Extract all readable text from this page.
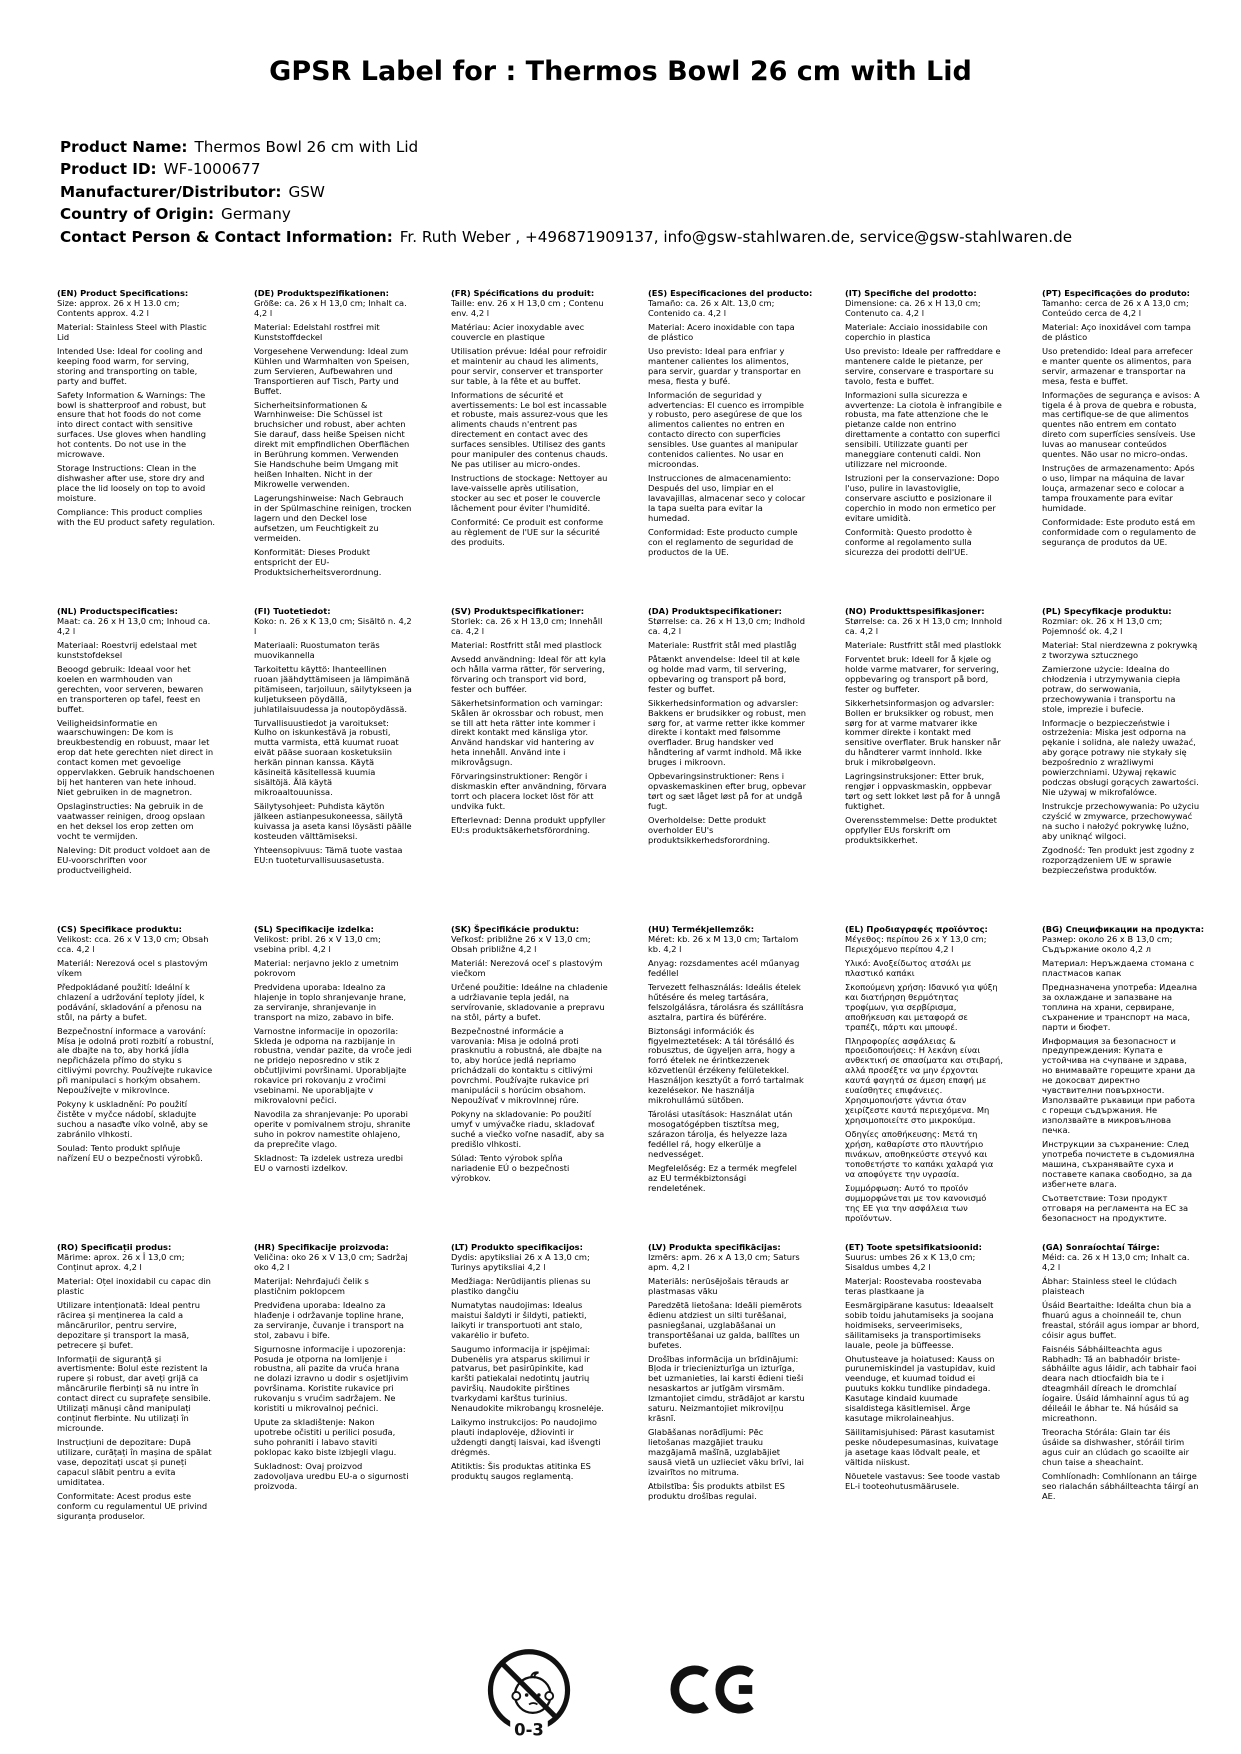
GPSR Label for : Thermos Bowl 26 cm with Lid
Product Name: Thermos Bowl 26 cm with Lid
Product ID: WF-1000677
Manufacturer/Distributor: GSW
Country of Origin: Germany
Contact Person & Contact Information: Fr. Ruth Weber , +496871909137, info@gsw-stahlwaren.de, service@gsw-stahlwaren.de
(EN) Product Specifications:

Size: approx. 26 x H 13.0 cm; Contents approx. 4.2 l

Material: Stainless Steel with Plastic Lid

Intended Use: Ideal for cooling and keeping food warm, for serving, storing and transporting on table, party and buffet.

Safety Information & Warnings: The bowl is shatterproof and robust, but ensure that hot foods do not come into direct contact with sensitive surfaces. Use gloves when handling hot contents. Do not use in the microwave.

Storage Instructions: Clean in the dishwasher after use, store dry and place the lid loosely on top to avoid moisture.

Compliance: This product complies with the EU product safety regulation.

(DE) Produktspezifikationen:

Größe: ca. 26 x H 13,0 cm; Inhalt ca. 4,2 l

Material: Edelstahl rostfrei mit Kunststoffdeckel

Vorgesehene Verwendung: Ideal zum Kühlen und Warmhalten von Speisen, zum Servieren, Aufbewahren und Transportieren auf Tisch, Party und Buffet.

Sicherheitsinformationen & Warnhinweise: Die Schüssel ist bruchsicher und robust, aber achten Sie darauf, dass heiße Speisen nicht direkt mit empfindlichen Oberflächen in Berührung kommen. Verwenden Sie Handschuhe beim Umgang mit heißen Inhalten. Nicht in der Mikrowelle verwenden.

Lagerungshinweise: Nach Gebrauch in der Spülmaschine reinigen, trocken lagern und den Deckel lose aufsetzen, um Feuchtigkeit zu vermeiden.

Konformität: Dieses Produkt entspricht der EU-Produktsicherheitsverordnung.

(FR) Spécifications du produit:

Taille: env. 26 x H 13,0 cm ; Contenu env. 4,2 l

Matériau: Acier inoxydable avec couvercle en plastique

Utilisation prévue: Idéal pour refroidir et maintenir au chaud les aliments, pour servir, conserver et transporter sur table, à la fête et au buffet.

Informations de sécurité et avertissements: Le bol est incassable et robuste, mais assurez-vous que les aliments chauds n'entrent pas directement en contact avec des surfaces sensibles. Utilisez des gants pour manipuler des contenus chauds. Ne pas utiliser au micro-ondes.

Instructions de stockage: Nettoyer au lave-vaisselle après utilisation, stocker au sec et poser le couvercle lâchement pour éviter l'humidité.

Conformité: Ce produit est conforme au règlement de l'UE sur la sécurité des produits.

(ES) Especificaciones del producto:

Tamaño: ca. 26 x Alt. 13,0 cm; Contenido ca. 4,2 l

Material: Acero inoxidable con tapa de plástico

Uso previsto: Ideal para enfriar y mantener calientes los alimentos, para servir, guardar y transportar en mesa, fiesta y bufé.

Información de seguridad y advertencias: El cuenco es irrompible y robusto, pero asegúrese de que los alimentos calientes no entren en contacto directo con superficies sensibles. Use guantes al manipular contenidos calientes. No usar en microondas.

Instrucciones de almacenamiento: Después del uso, limpiar en el lavavajillas, almacenar seco y colocar la tapa suelta para evitar la humedad.

Conformidad: Este producto cumple con el reglamento de seguridad de productos de la UE.

(IT) Specifiche del prodotto:

Dimensione: ca. 26 x H 13,0 cm; Contenuto ca. 4,2 l

Materiale: Acciaio inossidabile con coperchio in plastica

Uso previsto: Ideale per raffreddare e mantenere calde le pietanze, per servire, conservare e trasportare su tavolo, festa e buffet.

Informazioni sulla sicurezza e avvertenze: La ciotola è infrangibile e robusta, ma fate attenzione che le pietanze calde non entrino direttamente a contatto con superfici sensibili. Utilizzate guanti per maneggiare contenuti caldi. Non utilizzare nel microonde.

Istruzioni per la conservazione: Dopo l'uso, pulire in lavastoviglie, conservare asciutto e posizionare il coperchio in modo non ermetico per evitare umidità.

Conformità: Questo prodotto è conforme al regolamento sulla sicurezza dei prodotti dell'UE.

(PT) Especificações do produto:

Tamanho: cerca de 26 x A 13,0 cm; Conteúdo cerca de 4,2 l

Material: Aço inoxidável com tampa de plástico

Uso pretendido: Ideal para arrefecer e manter quente os alimentos, para servir, armazenar e transportar na mesa, festa e buffet.

Informações de segurança e avisos: A tigela é à prova de quebra e robusta, mas certifique-se de que alimentos quentes não entrem em contato direto com superfícies sensíveis. Use luvas ao manusear conteúdos quentes. Não usar no micro-ondas.

Instruções de armazenamento: Após o uso, limpar na máquina de lavar louça, armazenar seco e colocar a tampa frouxamente para evitar humidade.

Conformidade: Este produto está em conformidade com o regulamento de segurança de produtos da UE.

(NL) Productspecificaties:

Maat: ca. 26 x H 13,0 cm; Inhoud ca. 4,2 l

Materiaal: Roestvrij edelstaal met kunststofdeksel

Beoogd gebruik: Ideaal voor het koelen en warmhouden van gerechten, voor serveren, bewaren en transporteren op tafel, feest en buffet.

Veiligheidsinformatie en waarschuwingen: De kom is breukbestendig en robuust, maar let erop dat hete gerechten niet direct in contact komen met gevoelige oppervlakken. Gebruik handschoenen bij het hanteren van hete inhoud. Niet gebruiken in de magnetron.

Opslaginstructies: Na gebruik in de vaatwasser reinigen, droog opslaan en het deksel los erop zetten om vocht te vermijden.

Naleving: Dit product voldoet aan de EU-voorschriften voor productveiligheid.

(FI) Tuotetiedot:

Koko: n. 26 x K 13,0 cm; Sisältö n. 4,2 l

Materiaali: Ruostumaton teräs muovikannella

Tarkoitettu käyttö: Ihanteellinen ruoan jäähdyttämiseen ja lämpimänä pitämiseen, tarjoiluun, säilytykseen ja kuljetukseen pöydällä, juhlatilaisuudessa ja noutopöydässä.

Turvallisuustiedot ja varoitukset: Kulho on iskunkestävä ja robusti, mutta varmista, että kuumat ruoat eivät pääse suoraan kosketuksiin herkän pinnan kanssa. Käytä käsineitä käsitellessä kuumia sisältöjä. Älä käytä mikroaaltouunissa.

Säilytysohjeet: Puhdista käytön jälkeen astianpesukoneessa, säilytä kuivassa ja aseta kansi löysästi päälle kosteuden välttämiseksi.

Yhteensopivuus: Tämä tuote vastaa EU:n tuoteturvallisuusasetusta.

(SV) Produktspecifikationer:

Storlek: ca. 26 x H 13,0 cm; Innehåll ca. 4,2 l

Material: Rostfritt stål med plastlock

Avsedd användning: Ideal för att kyla och hålla varma rätter, för servering, förvaring och transport vid bord, fester och bufféer.

Säkerhetsinformation och varningar: Skålen är okrossbar och robust, men se till att heta rätter inte kommer i direkt kontakt med känsliga ytor. Använd handskar vid hantering av heta innehåll. Använd inte i mikrovågsugn.

Förvaringsinstruktioner: Rengör i diskmaskin efter användning, förvara torrt och placera locket löst för att undvika fukt.

Efterlevnad: Denna produkt uppfyller EU:s produktsäkerhetsförordning.

(DA) Produktspecifikationer:

Størrelse: ca. 26 x H 13,0 cm; Indhold ca. 4,2 l

Materiale: Rustfrit stål med plastlåg

Påtænkt anvendelse: Ideel til at køle og holde mad varm, til servering, opbevaring og transport på bord, fester og buffet.

Sikkerhedsinformation og advarsler: Bakkens er brudsikker og robust, men sørg for, at varme retter ikke kommer direkte i kontakt med følsomme overflader. Brug handsker ved håndtering af varmt indhold. Må ikke bruges i mikroovn.

Opbevaringsinstruktioner: Rens i opvaskemaskinen efter brug, opbevar tørt og sæt låget løst på for at undgå fugt.

Overholdelse: Dette produkt overholder EU's produktsikkerhedsforordning.

(NO) Produkttspesifikasjoner:

Størrelse: ca. 26 x H 13,0 cm; Innhold ca. 4,2 l

Materiale: Rustfritt stål med plastlokk

Forventet bruk: Ideell for å kjøle og holde varme matvarer, for servering, oppbevaring og transport på bord, fester og buffeter.

Sikkerhetsinformasjon og advarsler: Bollen er bruksikker og robust, men sørg for at varme matvarer ikke kommer direkte i kontakt med sensitive overflater. Bruk hansker når du håndterer varmt innhold. Ikke bruk i mikrobølgeovn.

Lagringsinstruksjoner: Etter bruk, rengjør i oppvaskmaskin, oppbevar tørt og sett lokket løst på for å unngå fuktighet.

Overensstemmelse: Dette produktet oppfyller EUs forskrift om produktsikkerhet.

(PL) Specyfikacje produktu:

Rozmiar: ok. 26 x H 13,0 cm; Pojemność ok. 4,2 l

Materiał: Stal nierdzewna z pokrywką z tworzywa sztucznego

Zamierzone użycie: Idealna do chłodzenia i utrzymywania ciepła potraw, do serwowania, przechowywania i transportu na stole, imprezie i bufecie.

Informacje o bezpieczeństwie i ostrzeżenia: Miska jest odporna na pękanie i solidna, ale należy uważać, aby gorące potrawy nie stykały się bezpośrednio z wrażliwymi powierzchniami. Używaj rękawic podczas obsługi gorących zawartości. Nie używaj w mikrofalówce.

Instrukcje przechowywania: Po użyciu czyścić w zmywarce, przechowywać na sucho i nałożyć pokrywkę luźno, aby uniknąć wilgoci.

Zgodność: Ten produkt jest zgodny z rozporządzeniem UE w sprawie bezpieczeństwa produktów.

(CS) Specifikace produktu:

Velikost: cca. 26 x V 13,0 cm; Obsah cca. 4,2 l

Materiál: Nerezová ocel s plastovým víkem

Předpokládané použití: Ideální k chlazení a udržování teploty jídel, k podávání, skladování a přenosu na stůl, na párty a bufet.

Bezpečnostní informace a varování: Mísa je odolná proti rozbití a robustní, ale dbajte na to, aby horká jídla nepřicházela přímo do styku s citlivými povrchy. Používejte rukavice při manipulaci s horkým obsahem. Nepoužívejte v mikrovlnce.

Pokyny k uskladnění: Po použití čistěte v myčce nádobí, skladujte suchou a nasaďte víko volně, aby se zabránilo vlhkosti.

Soulad: Tento produkt splňuje nařízení EU o bezpečnosti výrobků.

(SL) Specifikacije izdelka:

Velikost: pribl. 26 x V 13,0 cm; vsebina pribl. 4,2 l

Material: nerjavno jeklo z umetnim pokrovom

Predvidena uporaba: Idealno za hlajenje in toplo shranjevanje hrane, za serviranje, shranjevanje in transport na mizo, zabavo in bife.

Varnostne informacije in opozorila: Skleda je odporna na razbijanje in robustna, vendar pazite, da vroče jedi ne pridejo neposredno v stik z občutljivimi površinami. Uporabljajte rokavice pri rokovanju z vročimi vsebinami. Ne uporabljajte v mikrovalovni pečici.

Navodila za shranjevanje: Po uporabi operite v pomivalnem stroju, shranite suho in pokrov namestite ohlajeno, da preprečite vlago.

Skladnost: Ta izdelek ustreza uredbi EU o varnosti izdelkov.

(SK) Špecifikácie produktu:

Veľkosť: približne 26 x V 13,0 cm; Obsah približne 4,2 l

Materiál: Nerezová oceľ s plastovým viečkom

Určené použitie: Ideálne na chladenie a udržiavanie tepla jedál, na servírovanie, skladovanie a prepravu na stôl, párty a bufet.

Bezpečnostné informácie a varovania: Misa je odolná proti prasknutiu a robustná, ale dbajte na to, aby horúce jedlá nepriamo prichádzali do kontaktu s citlivými povrchmi. Používajte rukavice pri manipulácii s horúcim obsahom. Nepoužívať v mikrovlnnej rúre.

Pokyny na skladovanie: Po použití umyť v umývačke riadu, skladovať suché a viečko voľne nasadiť, aby sa predišlo vlhkosti.

Súlad: Tento výrobok spĺňa nariadenie EÚ o bezpečnosti výrobkov.

(HU) Termékjellemzők:

Méret: kb. 26 x M 13,0 cm; Tartalom kb. 4,2 l

Anyag: rozsdamentes acél műanyag fedéllel

Tervezett felhasználás: Ideális ételek hűtésére és meleg tartására, felszolgálásra, tárolásra és szállításra asztalra, partira és büférére.

Biztonsági információk és figyelmeztetések: A tál törésálló és robusztus, de ügyeljen arra, hogy a forró ételek ne érintkezzenek közvetlenül érzékeny felületekkel. Használjon kesztyűt a forró tartalmak kezelésekor. Ne használja mikrohullámú sütőben.

Tárolási utasítások: Használat után mosogatógépben tisztítsa meg, szárazon tárolja, és helyezze laza fedéllel rá, hogy elkerülje a nedvességet.

Megfelelőség: Ez a termék megfelel az EU termékbiztonsági rendeletének.

(EL) Προδιαγραφές προϊόντος:

Μέγεθος: περίπου 26 x Υ 13,0 cm; Περιεχόμενο περίπου 4,2 l

Υλικό: Ανοξείδωτος ατσάλι με πλαστικό καπάκι

Σκοπούμενη χρήση: Ιδανικό για ψύξη και διατήρηση θερμότητας τροφίμων, για σερβίρισμα, αποθήκευση και μεταφορά σε τραπέζι, πάρτι και μπουφέ.

Πληροφορίες ασφάλειας & προειδοποιήσεις: Η λεκάνη είναι ανθεκτική σε σπασίματα και στιβαρή, αλλά προσέξτε να μην έρχονται καυτά φαγητά σε άμεση επαφή με ευαίσθητες επιφάνειες. Χρησιμοποιήστε γάντια όταν χειρίζεστε καυτά περιεχόμενα. Μη χρησιμοποιείτε στο μικροκύμα.

Οδηγίες αποθήκευσης: Μετά τη χρήση, καθαρίστε στο πλυντήριο πινάκων, αποθηκεύστε στεγνό και τοποθετήστε το καπάκι χαλαρά για να αποφύγετε την υγρασία.

Συμμόρφωση: Αυτό το προϊόν συμμορφώνεται με τον κανονισμό της ΕΕ για την ασφάλεια των προϊόντων.

(BG) Спецификации на продукта:

Размер: около 26 x В 13,0 cm; Съдържание около 4,2 л

Материал: Неръждаема стомана с пластмасов капак

Предназначена употреба: Идеална за охлаждане и запазване на топлина на храни, сервиране, съхранение и транспорт на маса, парти и бюфет.

Информация за безопасност и предупреждения: Купата е устойчива на счупване и здрава, но внимавайте горещите храни да не докосват директно чувствителни повърхности. Използвайте ръкавици при работа с горещи съдържания. Не използвайте в микровълнова печка.

Инструкции за съхранение: След употреба почистете в съдомиялна машина, съхранявайте суха и поставете капака свободно, за да избегнете влага.

Съответствие: Този продукт отговаря на регламента на ЕС за безопасност на продуктите.

(RO) Specificații produs:

Mărime: aprox. 26 x Î 13,0 cm; Conținut aprox. 4,2 l

Material: Oțel inoxidabil cu capac din plastic

Utilizare intenționată: Ideal pentru răcirea și menținerea la cald a mâncărurilor, pentru servire, depozitare și transport la masă, petrecere și bufet.

Informații de siguranță și avertismente: Bolul este rezistent la rupere și robust, dar aveți grijă ca mâncărurile fierbinți să nu intre în contact direct cu suprafețe sensibile. Utilizați mănuși când manipulați conținut fierbinte. Nu utilizați în microunde.

Instrucțiuni de depozitare: După utilizare, curățați în mașina de spălat vase, depozitați uscat și puneți capacul slăbit pentru a evita umiditatea.

Conformitate: Acest produs este conform cu regulamentul UE privind siguranța produselor.

(HR) Specifikacije proizvoda:

Veličina: oko 26 x V 13,0 cm; Sadržaj oko 4,2 l

Materijal: Nehrđajući čelik s plastičnim poklopcem

Predviđena uporaba: Idealno za hlađenje i održavanje topline hrane, za serviranje, čuvanje i transport na stol, zabavu i bife.

Sigurnosne informacije i upozorenja: Posuda je otporna na lomljenje i robustna, ali pazite da vruća hrana ne dolazi izravno u dodir s osjetljivim površinama. Koristite rukavice pri rukovanju s vrućim sadržajem. Ne koristiti u mikrovalnoj pećnici.

Upute za skladištenje: Nakon upotrebe očistiti u perilici posuđa, suho pohraniti i labavo staviti poklopac kako biste izbjegli vlagu.

Sukladnost: Ovaj proizvod zadovoljava uredbu EU-a o sigurnosti proizvoda.

(LT) Produkto specifikacijos:

Dydis: apytiksliai 26 x A 13,0 cm; Turinys apytiksliai 4,2 l

Medžiaga: Nerūdijantis plienas su plastiko dangčiu

Numatytas naudojimas: Idealus maistui šaldyti ir šildyti, patiekti, laikyti ir transportuoti ant stalo, vakarėlio ir bufeto.

Saugumo informacija ir įspėjimai: Dubenėlis yra atsparus skilimui ir patvarus, bet pasirūpinkite, kad karšti patiekalai nedotintų jautrių paviršių. Naudokite pirštines tvarkydami karštus turinius. Nenaudokite mikrobangų krosnelėje.

Laikymo instrukcijos: Po naudojimo plauti indaplovėje, džiovinti ir uždengti dangtį laisvai, kad išvengti drėgmės.

Atitiktis: Šis produktas atitinka ES produktų saugos reglamentą.

(LV) Produkta specifikācijas:

Izmērs: apm. 26 x A 13,0 cm; Saturs apm. 4,2 l

Materiāls: nerūsējošais tērauds ar plastmasas vāku

Paredzētā lietošana: Ideāli piemērots ēdienu atdziest un silti turēšanai, pasniegšanai, uzglabāšanai un transportēšanai uz galda, ballītes un bufetes.

Drošības informācija un brīdinājumi: Bļoda ir triecienizturīga un izturīga, bet uzmanieties, lai karsti ēdieni tieši nesaskartos ar jutīgām virsmām. Izmantojiet cimdu, strādājot ar karstu saturu. Neizmantojiet mikroviļņu krāsnī.

Glabāšanas norādījumi: Pēc lietošanas mazgājiet trauku mazgājamā mašīnā, uzglabājiet sausā vietā un uzlieciet vāku brīvi, lai izvairītos no mitruma.

Atbilstība: Šis produkts atbilst ES produktu drošības regulai.

(ET) Toote spetsifikatsioonid:

Suurus: umbes 26 x K 13,0 cm; Sisaldus umbes 4,2 l

Materjal: Roostevaba roostevaba teras plastkaane ja

Eesmärgipärane kasutus: Ideaalselt sobib toidu jahutamiseks ja soojana hoidmiseks, serveerimiseks, säilitamiseks ja transportimiseks lauale, peole ja büffeesse.

Ohutusteave ja hoiatused: Kauss on purunemiskindel ja vastupidav, kuid veenduge, et kuumad toidud ei puutuks kokku tundlike pindadega. Kasutage kindaid kuumade sisaldistega käsitlemisel. Ärge kasutage mikrolaineahjus.

Säilitamisjuhised: Pärast kasutamist peske nõudepesumasinas, kuivatage ja asetage kaas lõdvalt peale, et vältida niiskust.

Nõuetele vastavus: See toode vastab EL-i tooteohutusmäärusele.

(GA) Sonraíochtaí Táirge:

Méid: ca. 26 x H 13,0 cm; Inhalt ca. 4,2 l

Ábhar: Stainless steel le clúdach plaisteach

Úsáid Beartaithe: Ideálta chun bia a fhuarú agus a choinneáil te, chun freastal, stóráil agus iompar ar bhord, cóisir agus buffet.

Faisnéis Sábháilteachta agus Rabhadh: Tá an babhadóir briste-sábháilte agus láidir, ach tabhair faoi deara nach dtiocfaidh bia te i dteagmháil díreach le dromchlaí íogaire. Úsáid lámhainní agus tú ag déileáil le ábhar te. Ná húsáid sa micreathonn.

Treoracha Stórála: Glain tar éis úsáide sa dishwasher, stóráil tirim agus cuir an clúdach go scaoilte air chun taise a sheachaint.

Comhlíonadh: Comhlíonann an táirge seo rialachán sábháilteachta táirgí an AE.

0-3
